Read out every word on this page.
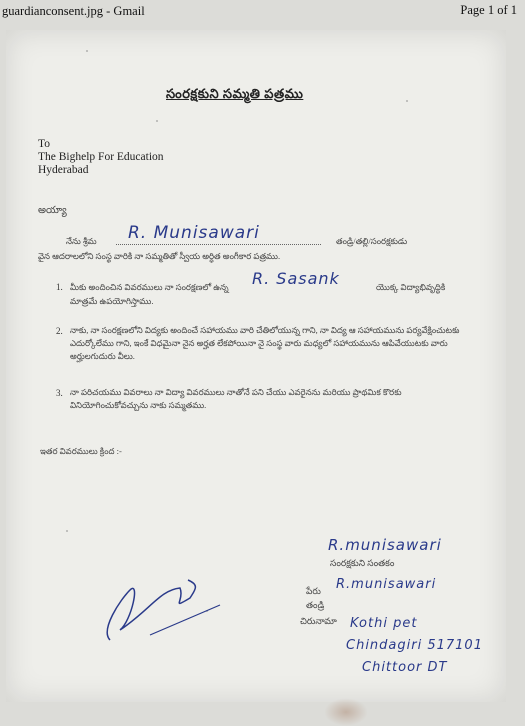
guardianconsent.jpg - Gmail	Page 1 of 1
సంరక్షకుని సమ్మతి పత్రము
To
The Bighelp For Education
Hyderabad
అయ్యా
నేను శ్రీమ R. Munisawari	తండ్రి/తల్లి/సంరక్షకుడు
వైన ఆదరాలలోని సంస్థ వారికి నా సమ్మతితో స్వీయ అర్ధిత అంగీకార పత్రము.
1. మీకు అందించిన వివరములు నా సంరక్షణలో ఉన్న R. Sasank	యొక్క విద్యాభివృద్ధికి
మాత్రమే ఉపయోగిస్తాము.
2. నాకు, నా సంరక్షణలోని విద్యకు అందించే సహాయము వారి చేతిలోయున్న గాని, నా విద్య ఆ సహాయమును పర్యవేక్షించుటకు ఎదుర్కోలేము గాని, ఇంకే విధమైనా నైన అర్హత లేకపోయినా నై సంస్థ వారు మధ్యలో సహాయమును ఆపివేయుటకు వారు అర్హులగుదురు వీలు.
3. నా పరిచయము వివరాలు నా విద్యా వివరములు నాతోనే పని చేయు ఎవరైనను మరియు ప్రాథమిక కొరకు వినియోగించుకోవచ్చును నాకు సమ్మతము.
ఇతర వివరములు క్రింద :-
R.munisawari
సంరక్షకుని సంతకం
పేరు R.munisawari
తండ్రి
చిరునామా Kothi pet
Chindagiri 517101
Chittoor DT
